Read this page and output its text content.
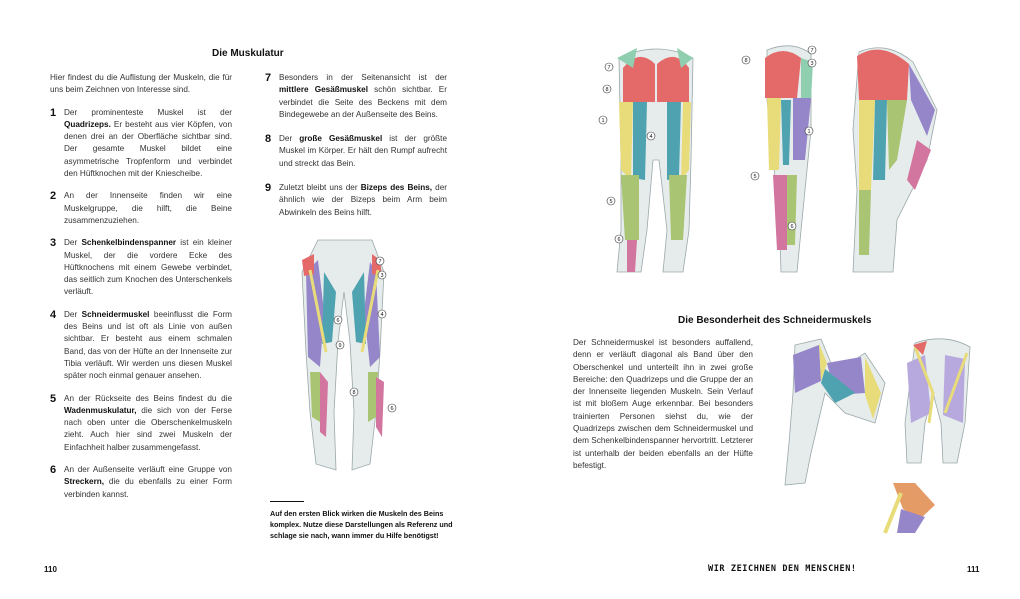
Die Muskulatur
Hier findest du die Auflistung der Muskeln, die für uns beim Zeichnen von Interesse sind.
1 Der prominenteste Muskel ist der Quadrizeps. Er besteht aus vier Köpfen, von denen drei an der Oberfläche sichtbar sind. Der gesamte Muskel bildet eine asymmetrische Tropfenform und verbindet den Hüftknochen mit der Kniescheibe.
2 An der Innenseite finden wir eine Muskelgruppe, die hilft, die Beine zusammenzuziehen.
3 Der Schenkelbindenspanner ist ein kleiner Muskel, der die vordere Ecke des Hüftknochens mit einem Gewebe verbindet, das seitlich zum Knochen des Unterschenkels verläuft.
4 Der Schneidermuskel beeinflusst die Form des Beins und ist oft als Linie von außen sichtbar. Er besteht aus einem schmalen Band, das von der Hüfte an der Innenseite zur Tibia verläuft. Wir werden uns diesen Muskel später noch einmal genauer ansehen.
5 An der Rückseite des Beins findest du die Wadenmuskulatur, die sich von der Ferse nach oben unter die Oberschenkelmuskeln zieht. Auch hier sind zwei Muskeln der Einfachheit halber zusammengefasst.
6 An der Außenseite verläuft eine Gruppe von Streckern, die du ebenfalls zu einer Form verbinden kannst.
7 Besonders in der Seitenansicht ist der mittlere Gesäßmuskel schön sichtbar. Er verbindet die Seite des Beckens mit dem Bindegewebe an der Außenseite des Beins.
8 Der große Gesäßmuskel ist der größte Muskel im Körper. Er hält den Rumpf aufrecht und streckt das Bein.
9 Zuletzt bleibt uns der Bizeps des Beins, der ähnlich wie der Bizeps beim Arm beim Abwinkeln des Beins hilft.
7
3
4
6
9
8
6
Auf den ersten Blick wirken die Muskeln des Beins komplex. Nutze diese Darstellungen als Referenz und schlage sie nach, wann immer du Hilfe benötigst!
110
7
8
1
4
5
6
7
8	3
1
5
6
Die Besonderheit des Schneidermuskels
Der Schneidermuskel ist besonders auffallend, denn er verläuft diagonal als Band über den Oberschenkel und unterteilt ihn in zwei große Bereiche: den Quadrizeps und die Gruppe der an der Innenseite liegenden Muskeln. Sein Verlauf ist mit bloßem Auge erkennbar. Bei besonders trainierten Personen siehst du, wie der Quadrizeps zwischen dem Schneidermuskel und dem Schenkelbindenspanner hervortritt. Letzterer ist unterhalb der beiden ebenfalls an der Hüfte befestigt.
WIR ZEICHNEN DEN MENSCHEN!	111
